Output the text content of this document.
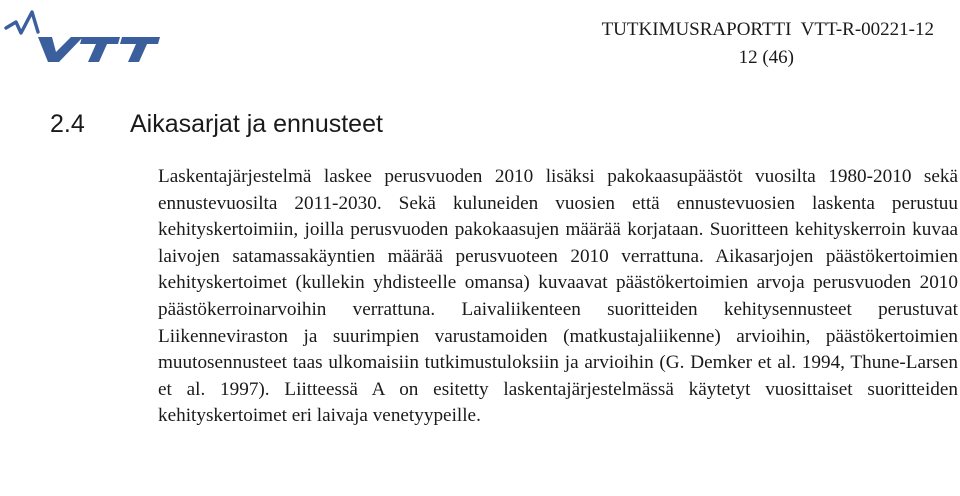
VTT
TUTKIMUSRAPORTTI  VTT-R-00221-12
12 (46)
2.4 Aikasarjat ja ennusteet
Laskentajärjestelmä laskee perusvuoden 2010 lisäksi pakokaasupäästöt vuosilta 1980-2010 sekä ennustevuosilta 2011-2030. Sekä kuluneiden vuosien että ennustevuosien laskenta perustuu kehityskertoimiin, joilla perusvuoden pakokaasujen määrää korjataan. Suoritteen kehityskerroin kuvaa laivojen satamassakäyntien määrää perusvuoteen 2010 verrattuna. Aikasarjojen päästökertoimien kehityskertoimet (kullekin yhdisteelle omansa) kuvaavat päästökertoimien arvoja perusvuoden 2010 päästökerroinarvoihin verrattuna. Laivaliikenteen suoritteiden kehitysennusteet perustuvat Liikenneviraston ja suurimpien varustamoiden (matkustajaliikenne) arvioihin, päästökertoimien muutosennusteet taas ulkomaisiin tutkimustuloksiin ja arvioihin (G. Demker et al. 1994, Thune-Larsen et al. 1997). Liitteessä A on esitetty laskentajärjestelmässä käytetyt vuosittaiset suoritteiden kehityskertoimet eri laivaja venetyypeille.
